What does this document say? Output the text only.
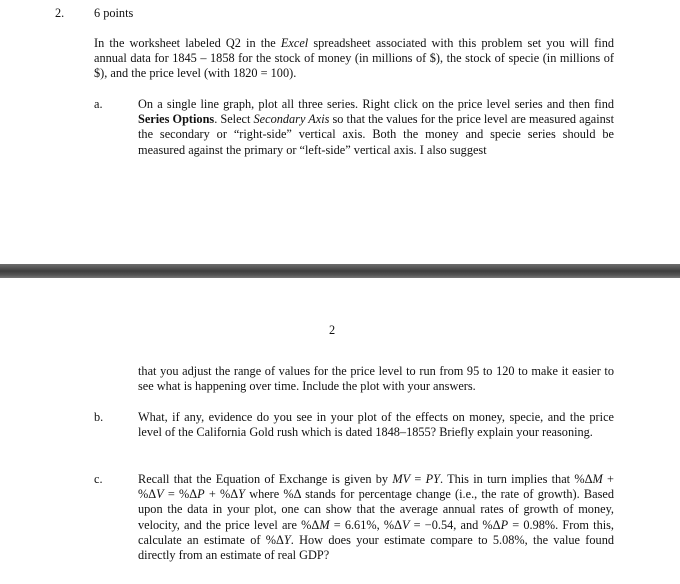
2. 6 points

In the worksheet labeled Q2 in the Excel spreadsheet associated with this problem set you will find annual data for 1845 – 1858 for the stock of money (in millions of $), the stock of specie (in millions of $), and the price level (with 1820 = 100).

a.	On a single line graph, plot all three series. Right click on the price level series and then find Series Options. Select Secondary Axis so that the values for the price level are measured against the secondary or “right-side” vertical axis. Both the money and specie series should be measured against the primary or “left-side” vertical axis. I also suggest

2

that you adjust the range of values for the price level to run from 95 to 120 to make it easier to see what is happening over time. Include the plot with your answers.

b.	What, if any, evidence do you see in your plot of the effects on money, specie, and the price level of the California Gold rush which is dated 1848–1855? Briefly explain your reasoning.

c.	Recall that the Equation of Exchange is given by MV = PY. This in turn implies that %ΔM + %ΔV = %ΔP + %ΔY where %Δ stands for percentage change (i.e., the rate of growth). Based upon the data in your plot, one can show that the average annual rates of growth of money, velocity, and the price level are %ΔM = 6.61%, %ΔV = −0.54, and %ΔP = 0.98%. From this, calculate an estimate of %ΔY. How does your estimate compare to 5.08%, the value found directly from an estimate of real GDP?
